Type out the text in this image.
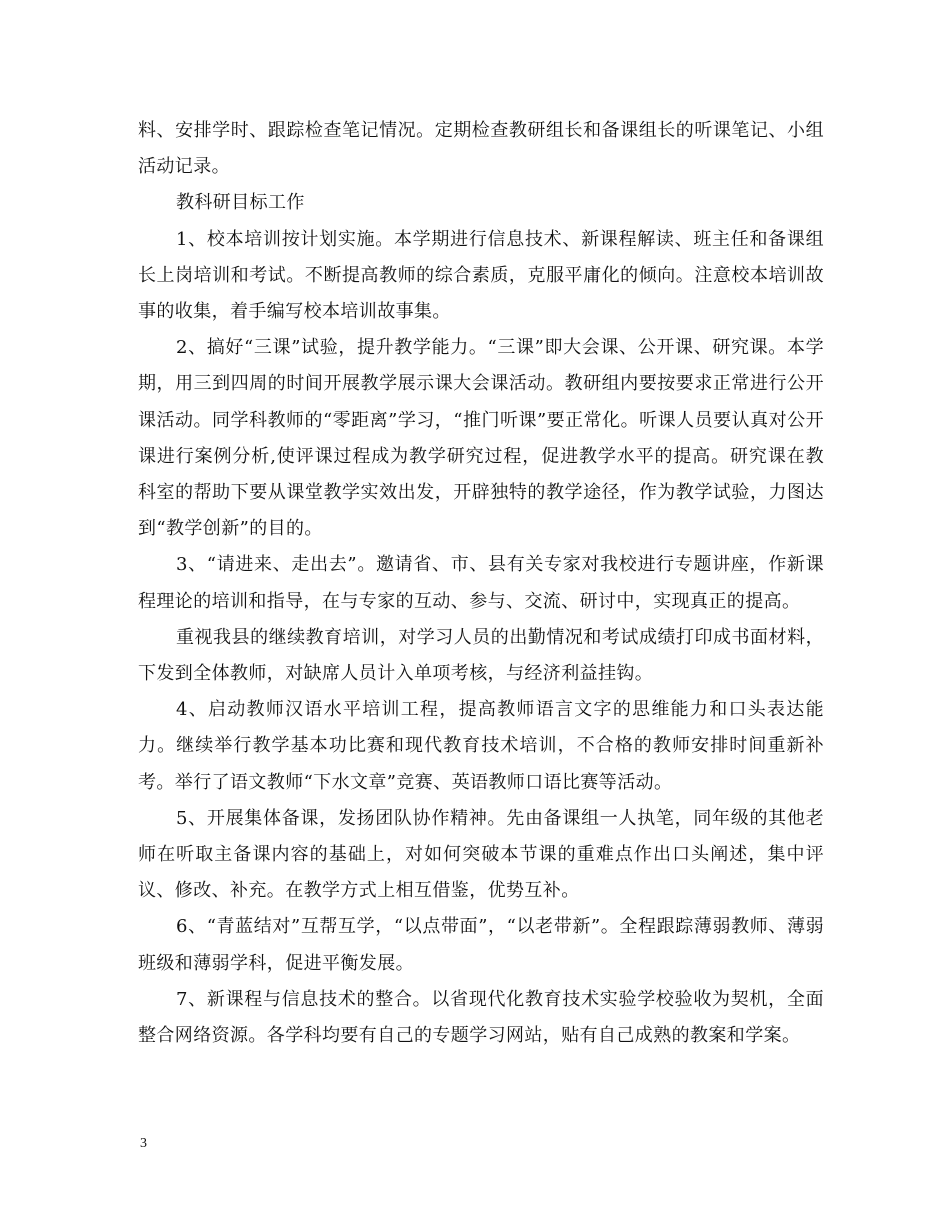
料、安排学时、跟踪检查笔记情况。定期检查教研组长和备课组长的听课笔记、小组活动记录。

教科研目标工作

1、校本培训按计划实施。本学期进行信息技术、新课程解读、班主任和备课组长上岗培训和考试。不断提高教师的综合素质，克服平庸化的倾向。注意校本培训故事的收集，着手编写校本培训故事集。

2、搞好“三课”试验，提升教学能力。“三课”即大会课、公开课、研究课。本学期，用三到四周的时间开展教学展示课大会课活动。教研组内要按要求正常进行公开课活动。同学科教师的“零距离”学习，“推门听课”要正常化。听课人员要认真对公开课进行案例分析,使评课过程成为教学研究过程，促进教学水平的提高。研究课在教科室的帮助下要从课堂教学实效出发，开辟独特的教学途径，作为教学试验，力图达到“教学创新”的目的。

3、“请进来、走出去”。邀请省、市、县有关专家对我校进行专题讲座，作新课程理论的培训和指导，在与专家的互动、参与、交流、研讨中，实现真正的提高。

重视我县的继续教育培训，对学习人员的出勤情况和考试成绩打印成书面材料，下发到全体教师，对缺席人员计入单项考核，与经济利益挂钩。

4、启动教师汉语水平培训工程，提高教师语言文字的思维能力和口头表达能力。继续举行教学基本功比赛和现代教育技术培训，不合格的教师安排时间重新补考。举行了语文教师“下水文章”竞赛、英语教师口语比赛等活动。

5、开展集体备课，发扬团队协作精神。先由备课组一人执笔，同年级的其他老师在听取主备课内容的基础上，对如何突破本节课的重难点作出口头阐述，集中评议、修改、补充。在教学方式上相互借鉴，优势互补。

6、“青蓝结对”互帮互学，“以点带面”，“以老带新”。全程跟踪薄弱教师、薄弱班级和薄弱学科，促进平衡发展。

7、新课程与信息技术的整合。以省现代化教育技术实验学校验收为契机，全面整合网络资源。各学科均要有自己的专题学习网站，贴有自己成熟的教案和学案。

3
